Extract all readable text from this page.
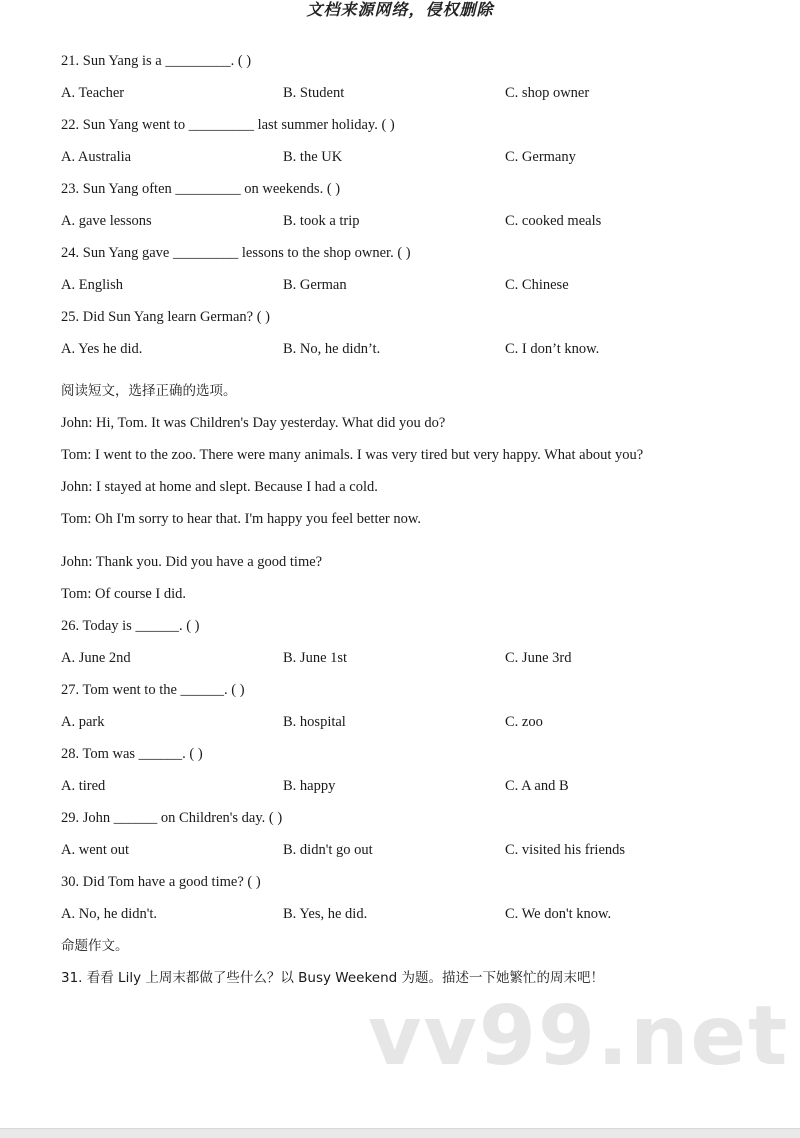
文档来源网络，侵权删除
21. Sun Yang is a _________. ( )
A. Teacher	B. Student	C. shop owner
22. Sun Yang went to _________ last summer holiday. ( )
A. Australia	B. the UK	C. Germany
23. Sun Yang often _________ on weekends. ( )
A. gave lessons	B. took a trip	C. cooked meals
24. Sun Yang gave _________ lessons to the shop owner. ( )
A. English	B. German	C. Chinese
25. Did Sun Yang learn German? ( )
A. Yes he did.	B. No, he didn’t.	C. I don’t know.
阅读短文，选择正确的选项。
John: Hi, Tom. It was Children's Day yesterday. What did you do?
Tom: I went to the zoo. There were many animals. I was very tired but very happy. What about you?
John: I stayed at home and slept. Because I had a cold.
Tom: Oh I'm sorry to hear that. I'm happy you feel better now.
John: Thank you. Did you have a good time?
Tom: Of course I did.
26. Today is ______. ( )
A. June 2nd	B. June 1st	C. June 3rd
27. Tom went to the ______. ( )
A. park	B. hospital	C. zoo
28. Tom was ______. ( )
A. tired	B. happy	C. A and B
29. John ______ on Children's day. ( )
A. went out	B. didn't go out	C. visited his friends
30. Did Tom have a good time? ( )
A. No, he didn't.	B. Yes, he did.	C. We don't know.
命题作文。
31. 看看 Lily 上周末都做了些什么？以 Busy Weekend 为题。描述一下她繁忙的周末吧！
vv99.net
